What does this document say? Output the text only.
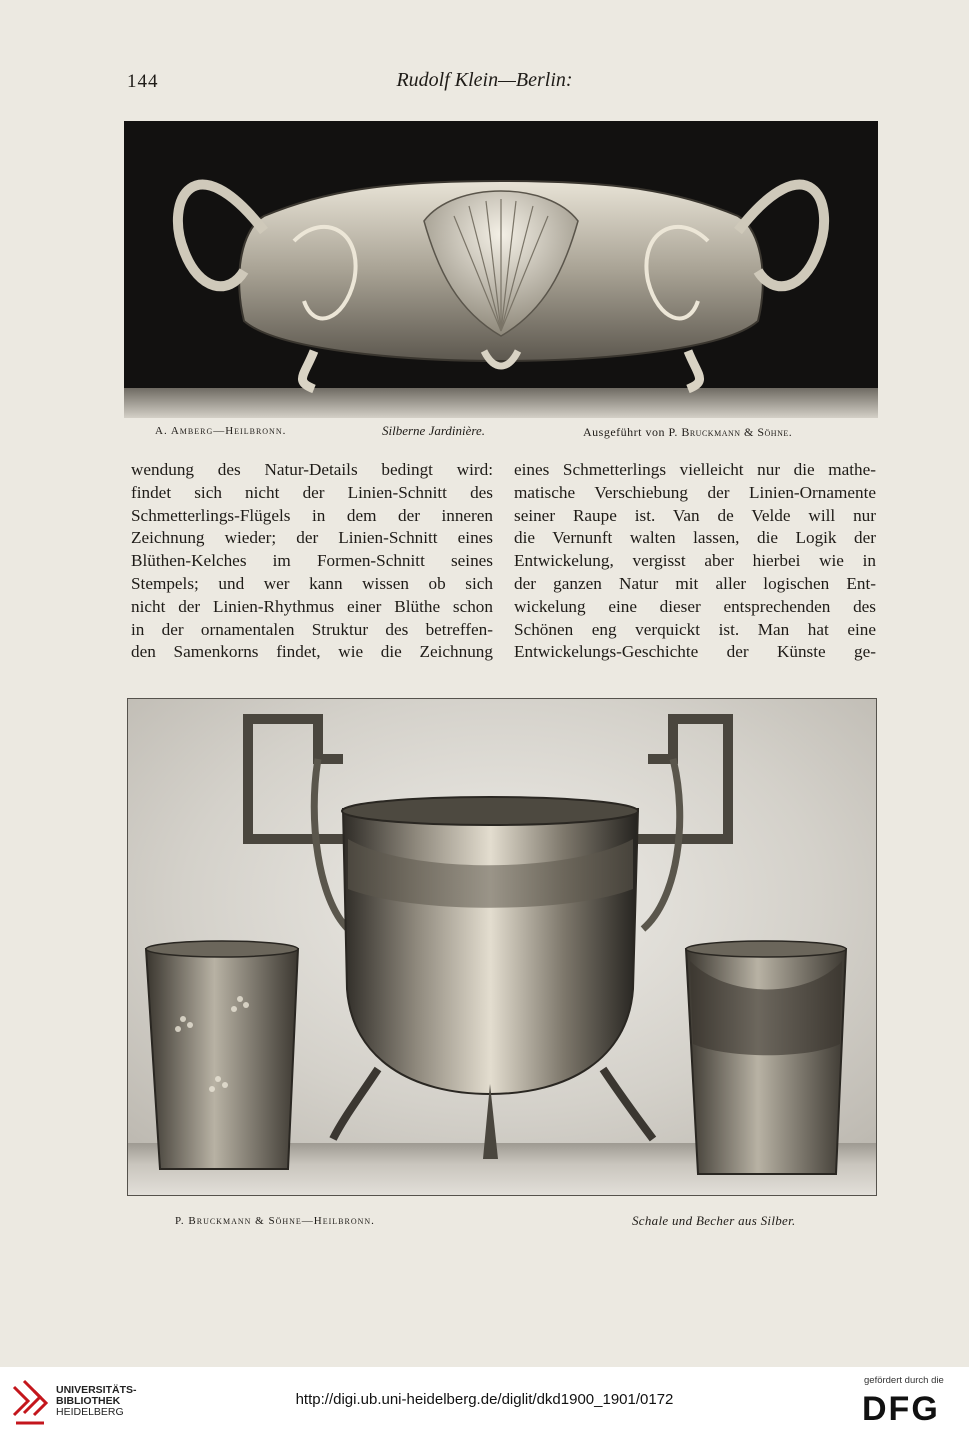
144	Rudolf Klein—Berlin:
A. Amberg—Heilbronn.	Silberne Jardinière.	Ausgeführt von P. Bruckmann & Söhne.
wendung des Natur-Details bedingt wird:
findet sich nicht der Linien-Schnitt des
Schmetterlings-Flügels in dem der inneren
Zeichnung wieder; der Linien-Schnitt eines
Blüthen-Kelches im Formen-Schnitt seines
Stempels; und wer kann wissen ob sich
nicht der Linien-Rhythmus einer Blüthe schon
in der ornamentalen Struktur des betreffen-
den Samenkorns findet, wie die Zeichnung
eines Schmetterlings vielleicht nur die mathe-
matische Verschiebung der Linien-Ornamente
seiner Raupe ist. Van de Velde will nur
die Vernunft walten lassen, die Logik der
Entwickelung, vergisst aber hierbei wie in
der ganzen Natur mit aller logischen Ent-
wickelung eine dieser entsprechenden des
Schönen eng verquickt ist. Man hat eine
Entwickelungs-Geschichte der Künste ge-
P. Bruckmann & Söhne—Heilbronn.	Schale und Becher aus Silber.
UNIVERSITÄTS-
BIBLIOTHEK
HEIDELBERG
http://digi.ub.uni-heidelberg.de/diglit/dkd1900_1901/0172
gefördert durch die
DFG
